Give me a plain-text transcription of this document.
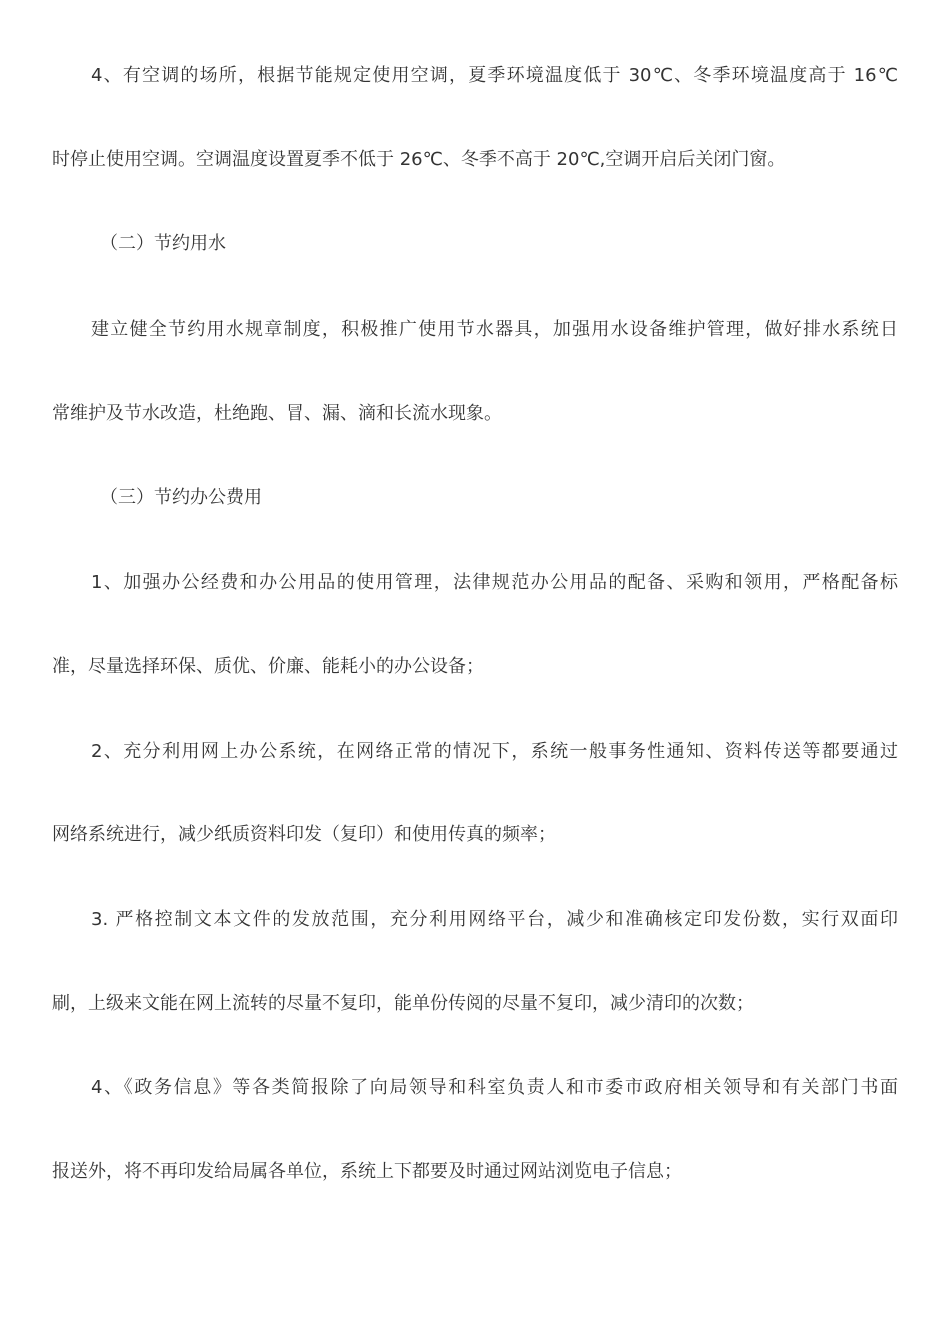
4、有空调的场所，根据节能规定使用空调，夏季环境温度低于 30℃、冬季环境温度高于 16℃
时停止使用空调。空调温度设置夏季不低于 26℃、冬季不高于 20℃,空调开启后关闭门窗。
（二）节约用水
建立健全节约用水规章制度，积极推广使用节水器具，加强用水设备维护管理，做好排水系统日
常维护及节水改造，杜绝跑、冒、漏、滴和长流水现象。
（三）节约办公费用
1、加强办公经费和办公用品的使用管理，法律规范办公用品的配备、采购和领用，严格配备标
准，尽量选择环保、质优、价廉、能耗小的办公设备；
2、充分利用网上办公系统，在网络正常的情况下，系统一般事务性通知、资料传送等都要通过
网络系统进行，减少纸质资料印发（复印）和使用传真的频率；
3. 严格控制文本文件的发放范围，充分利用网络平台，减少和准确核定印发份数，实行双面印
刷，上级来文能在网上流转的尽量不复印，能单份传阅的尽量不复印，减少清印的次数；
4、《政务信息》等各类简报除了向局领导和科室负责人和市委市政府相关领导和有关部门书面
报送外，将不再印发给局属各单位，系统上下都要及时通过网站浏览电子信息；
